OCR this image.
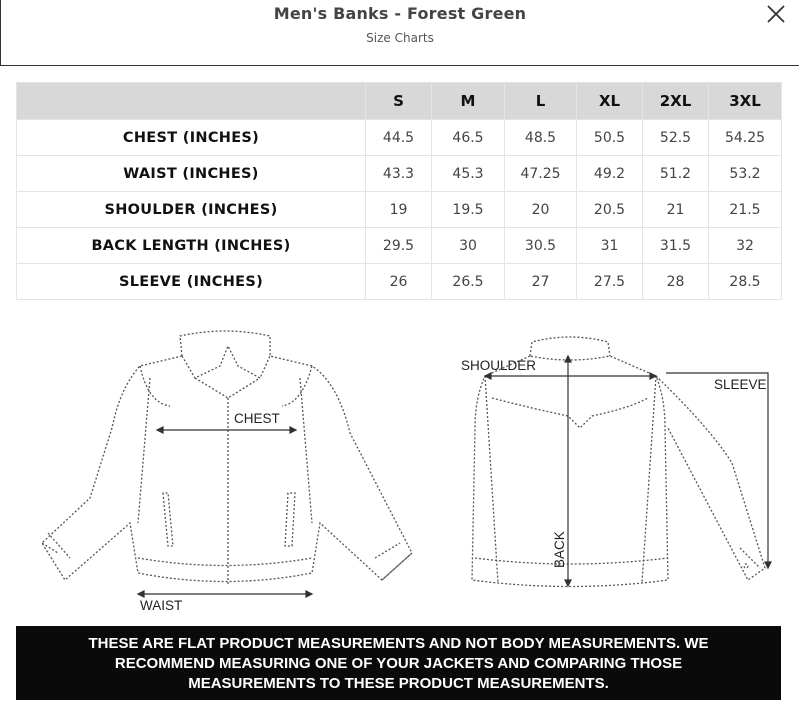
Men's Banks - Forest Green
Size Charts
	S	M	L	XL	2XL	3XL
CHEST (INCHES)	44.5	46.5	48.5	50.5	52.5	54.25
WAIST (INCHES)	43.3	45.3	47.25	49.2	51.2	53.2
SHOULDER (INCHES)	19	19.5	20	20.5	21	21.5
BACK LENGTH (INCHES)	29.5	30	30.5	31	31.5	32
SLEEVE (INCHES)	26	26.5	27	27.5	28	28.5
CHEST
WAIST
SHOULDER
SLEEVE
BACK
THESE ARE FLAT PRODUCT MEASUREMENTS AND NOT BODY MEASUREMENTS. WE
RECOMMEND MEASURING ONE OF YOUR JACKETS AND COMPARING THOSE
MEASUREMENTS TO THESE PRODUCT MEASUREMENTS.
